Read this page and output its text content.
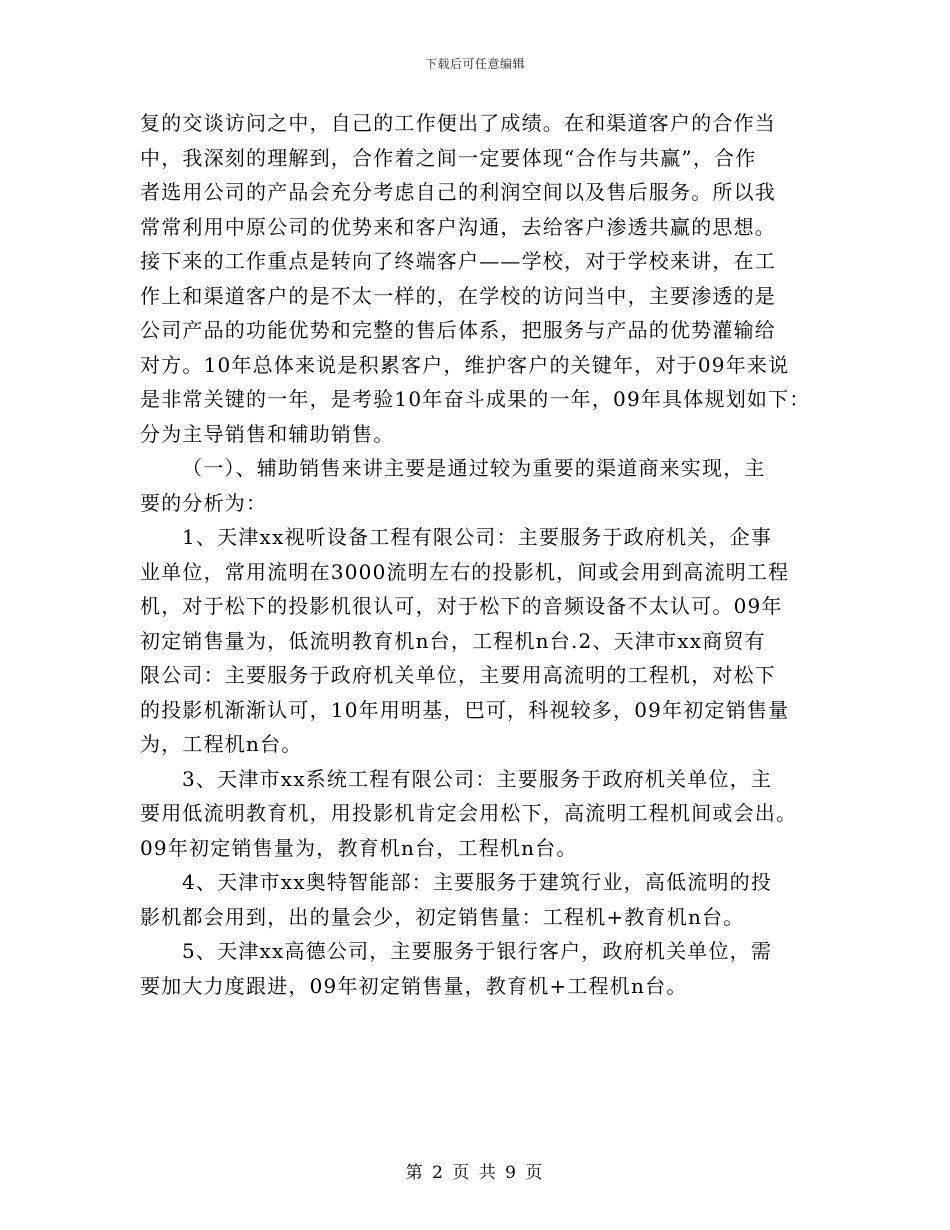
下载后可任意编辑
复的交谈访问之中，自己的工作便出了成绩。在和渠道客户的合作当
中，我深刻的理解到，合作着之间一定要体现“合作与共赢”，合作
者选用公司的产品会充分考虑自己的利润空间以及售后服务。所以我
常常利用中原公司的优势来和客户沟通，去给客户渗透共赢的思想。
接下来的工作重点是转向了终端客户——学校，对于学校来讲，在工
作上和渠道客户的是不太一样的，在学校的访问当中，主要渗透的是
公司产品的功能优势和完整的售后体系，把服务与产品的优势灌输给
对方。10年总体来说是积累客户，维护客户的关键年，对于09年来说
是非常关键的一年，是考验10年奋斗成果的一年，09年具体规划如下：
分为主导销售和辅助销售。
（一）、辅助销售来讲主要是通过较为重要的渠道商来实现，主
要的分析为：
1、天津xx视听设备工程有限公司：主要服务于政府机关，企事
业单位，常用流明在3000流明左右的投影机，间或会用到高流明工程
机，对于松下的投影机很认可，对于松下的音频设备不太认可。09年
初定销售量为，低流明教育机n台，工程机n台.2、天津市xx商贸有
限公司：主要服务于政府机关单位，主要用高流明的工程机，对松下
的投影机渐渐认可，10年用明基，巴可，科视较多，09年初定销售量
为，工程机n台。
3、天津市xx系统工程有限公司：主要服务于政府机关单位，主
要用低流明教育机，用投影机肯定会用松下，高流明工程机间或会出。
09年初定销售量为，教育机n台，工程机n台。
4、天津市xx奥特智能部：主要服务于建筑行业，高低流明的投
影机都会用到，出的量会少，初定销售量：工程机+教育机n台。
5、天津xx高德公司，主要服务于银行客户，政府机关单位，需
要加大力度跟进，09年初定销售量，教育机+工程机n台。
第 2 页 共 9 页
